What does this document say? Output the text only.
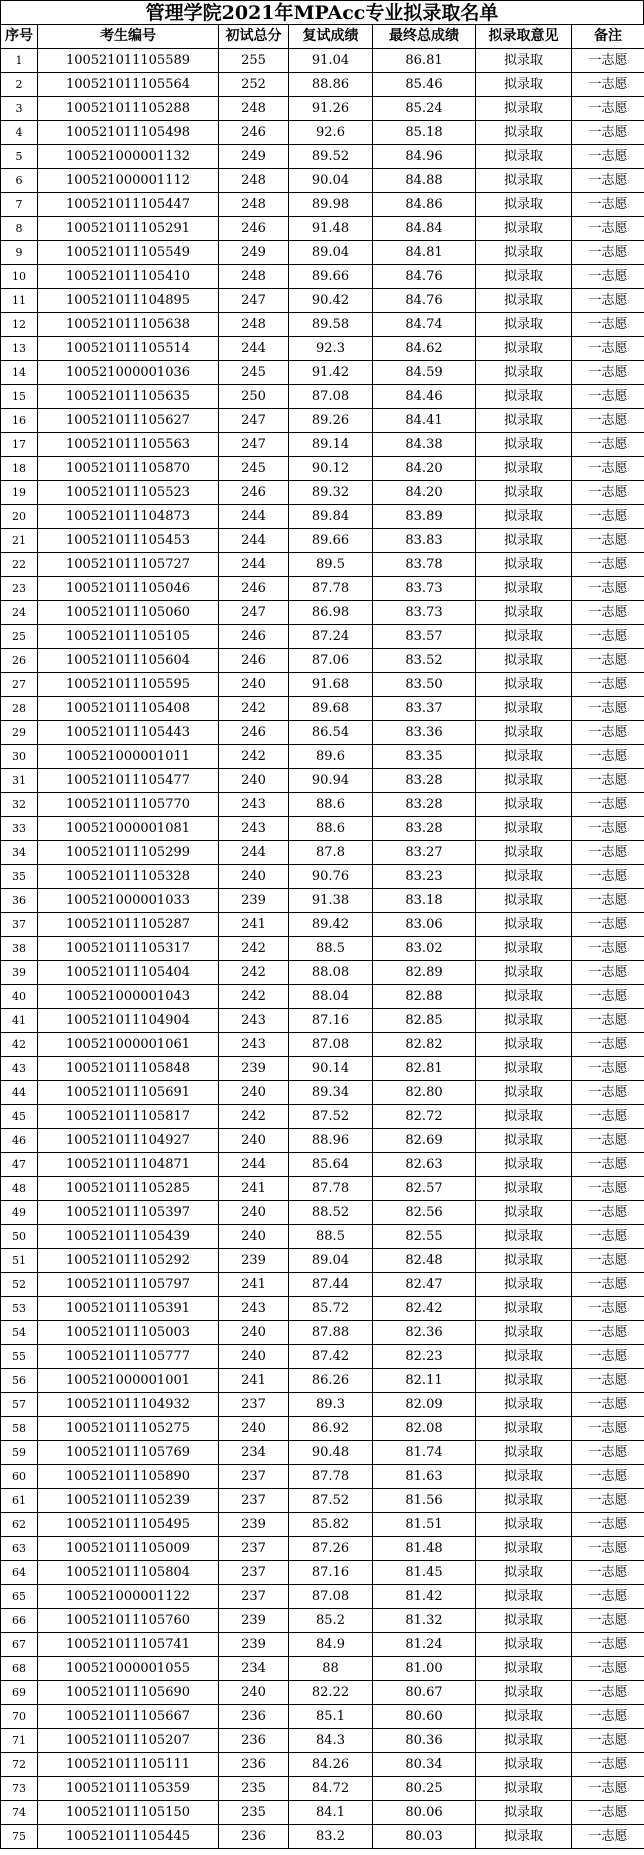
管理学院2021年MPAcc专业拟录取名单
序号	考生编号	初试总分	复试成绩	最终总成绩	拟录取意见	备注
1	100521011105589	255	91.04	86.81	拟录取	一志愿
2	100521011105564	252	88.86	85.46	拟录取	一志愿
3	100521011105288	248	91.26	85.24	拟录取	一志愿
4	100521011105498	246	92.6	85.18	拟录取	一志愿
5	100521000001132	249	89.52	84.96	拟录取	一志愿
6	100521000001112	248	90.04	84.88	拟录取	一志愿
7	100521011105447	248	89.98	84.86	拟录取	一志愿
8	100521011105291	246	91.48	84.84	拟录取	一志愿
9	100521011105549	249	89.04	84.81	拟录取	一志愿
10	100521011105410	248	89.66	84.76	拟录取	一志愿
11	100521011104895	247	90.42	84.76	拟录取	一志愿
12	100521011105638	248	89.58	84.74	拟录取	一志愿
13	100521011105514	244	92.3	84.62	拟录取	一志愿
14	100521000001036	245	91.42	84.59	拟录取	一志愿
15	100521011105635	250	87.08	84.46	拟录取	一志愿
16	100521011105627	247	89.26	84.41	拟录取	一志愿
17	100521011105563	247	89.14	84.38	拟录取	一志愿
18	100521011105870	245	90.12	84.20	拟录取	一志愿
19	100521011105523	246	89.32	84.20	拟录取	一志愿
20	100521011104873	244	89.84	83.89	拟录取	一志愿
21	100521011105453	244	89.66	83.83	拟录取	一志愿
22	100521011105727	244	89.5	83.78	拟录取	一志愿
23	100521011105046	246	87.78	83.73	拟录取	一志愿
24	100521011105060	247	86.98	83.73	拟录取	一志愿
25	100521011105105	246	87.24	83.57	拟录取	一志愿
26	100521011105604	246	87.06	83.52	拟录取	一志愿
27	100521011105595	240	91.68	83.50	拟录取	一志愿
28	100521011105408	242	89.68	83.37	拟录取	一志愿
29	100521011105443	246	86.54	83.36	拟录取	一志愿
30	100521000001011	242	89.6	83.35	拟录取	一志愿
31	100521011105477	240	90.94	83.28	拟录取	一志愿
32	100521011105770	243	88.6	83.28	拟录取	一志愿
33	100521000001081	243	88.6	83.28	拟录取	一志愿
34	100521011105299	244	87.8	83.27	拟录取	一志愿
35	100521011105328	240	90.76	83.23	拟录取	一志愿
36	100521000001033	239	91.38	83.18	拟录取	一志愿
37	100521011105287	241	89.42	83.06	拟录取	一志愿
38	100521011105317	242	88.5	83.02	拟录取	一志愿
39	100521011105404	242	88.08	82.89	拟录取	一志愿
40	100521000001043	242	88.04	82.88	拟录取	一志愿
41	100521011104904	243	87.16	82.85	拟录取	一志愿
42	100521000001061	243	87.08	82.82	拟录取	一志愿
43	100521011105848	239	90.14	82.81	拟录取	一志愿
44	100521011105691	240	89.34	82.80	拟录取	一志愿
45	100521011105817	242	87.52	82.72	拟录取	一志愿
46	100521011104927	240	88.96	82.69	拟录取	一志愿
47	100521011104871	244	85.64	82.63	拟录取	一志愿
48	100521011105285	241	87.78	82.57	拟录取	一志愿
49	100521011105397	240	88.52	82.56	拟录取	一志愿
50	100521011105439	240	88.5	82.55	拟录取	一志愿
51	100521011105292	239	89.04	82.48	拟录取	一志愿
52	100521011105797	241	87.44	82.47	拟录取	一志愿
53	100521011105391	243	85.72	82.42	拟录取	一志愿
54	100521011105003	240	87.88	82.36	拟录取	一志愿
55	100521011105777	240	87.42	82.23	拟录取	一志愿
56	100521000001001	241	86.26	82.11	拟录取	一志愿
57	100521011104932	237	89.3	82.09	拟录取	一志愿
58	100521011105275	240	86.92	82.08	拟录取	一志愿
59	100521011105769	234	90.48	81.74	拟录取	一志愿
60	100521011105890	237	87.78	81.63	拟录取	一志愿
61	100521011105239	237	87.52	81.56	拟录取	一志愿
62	100521011105495	239	85.82	81.51	拟录取	一志愿
63	100521011105009	237	87.26	81.48	拟录取	一志愿
64	100521011105804	237	87.16	81.45	拟录取	一志愿
65	100521000001122	237	87.08	81.42	拟录取	一志愿
66	100521011105760	239	85.2	81.32	拟录取	一志愿
67	100521011105741	239	84.9	81.24	拟录取	一志愿
68	100521000001055	234	88	81.00	拟录取	一志愿
69	100521011105690	240	82.22	80.67	拟录取	一志愿
70	100521011105667	236	85.1	80.60	拟录取	一志愿
71	100521011105207	236	84.3	80.36	拟录取	一志愿
72	100521011105111	236	84.26	80.34	拟录取	一志愿
73	100521011105359	235	84.72	80.25	拟录取	一志愿
74	100521011105150	235	84.1	80.06	拟录取	一志愿
75	100521011105445	236	83.2	80.03	拟录取	一志愿
